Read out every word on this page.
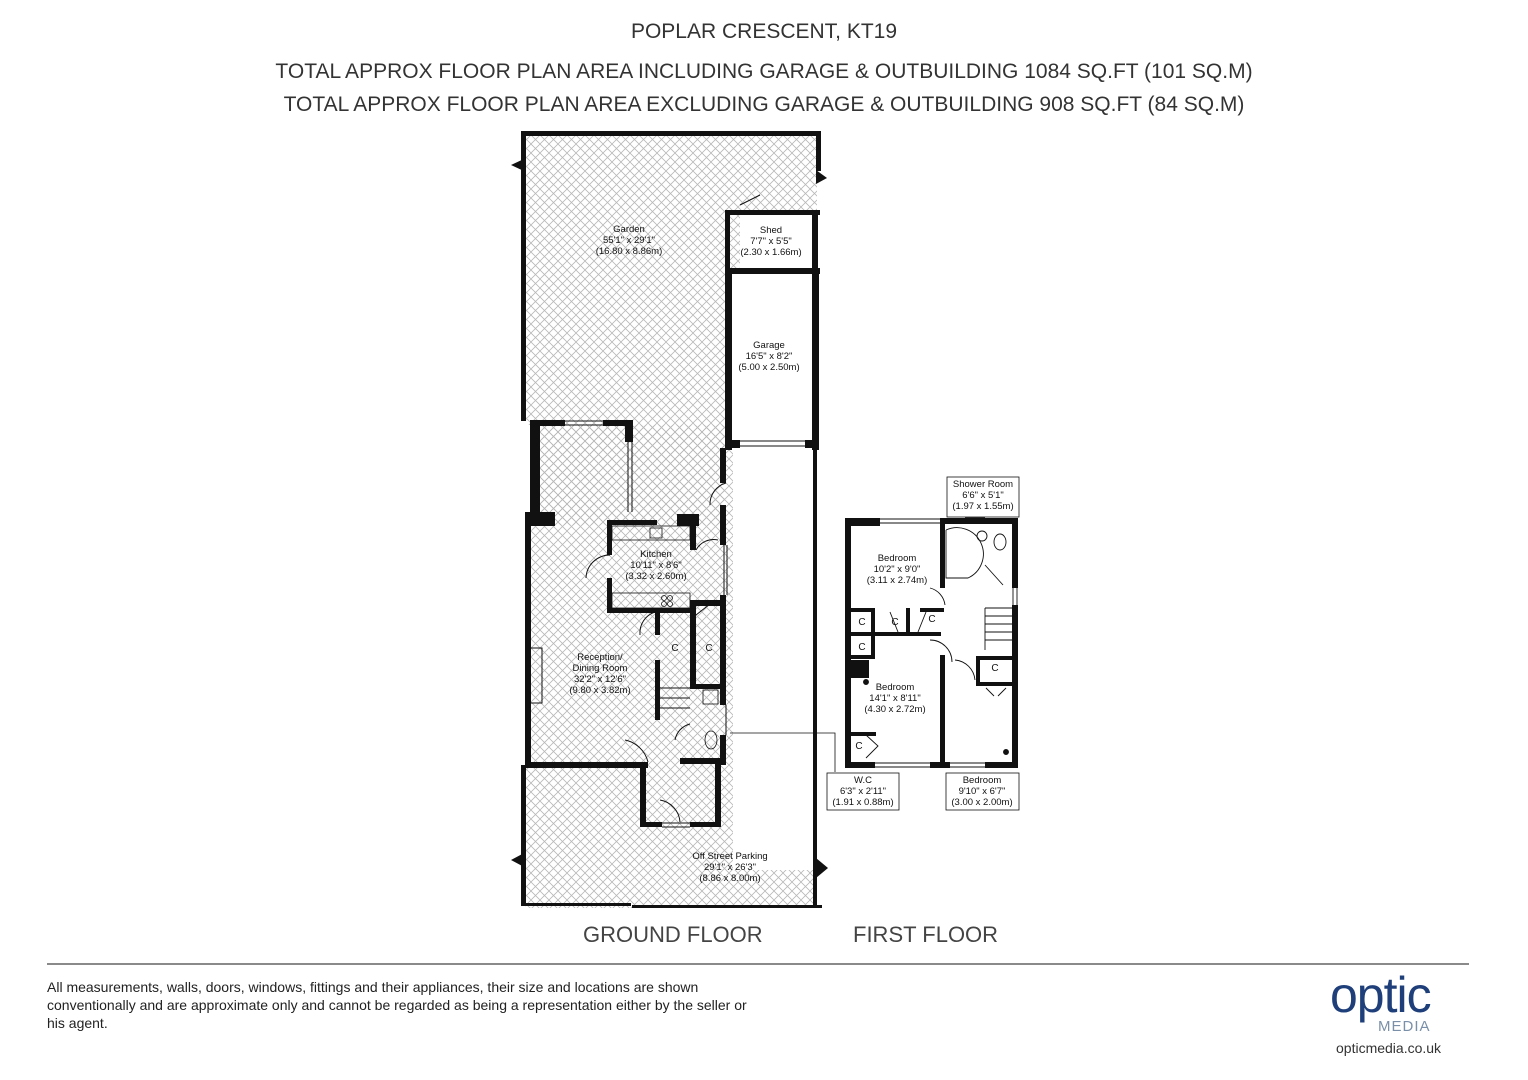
POPLAR CRESCENT, KT19
TOTAL APPROX FLOOR PLAN AREA INCLUDING GARAGE & OUTBUILDING 1084 SQ.FT (101 SQ.M)
TOTAL APPROX FLOOR PLAN AREA EXCLUDING GARAGE & OUTBUILDING 908 SQ.FT (84 SQ.M)
Garden
55'1" x 29'1"
(16.80 x 8.86m)
Shed
7'7" x 5'5"
(2.30 x 1.66m)
Garage
16'5" x 8'2"
(5.00 x 2.50m)
Kitchen
10'11" x 8'6"
(3.32 x 2.60m)
Reception/
Dining Room
32'2" x 12'6"
(9.80 x 3.82m)
Off Street Parking
29'1" x 26'3"
(8.86 x 8.00m)
Shower Room
6'6" x 5'1"
(1.97 x 1.55m)
Bedroom
10'2" x 9'0"
(3.11 x 2.74m)
Bedroom
14'1" x 8'11"
(4.30 x 2.72m)
Bedroom
9'10" x 6'7"
(3.00 x 2.00m)
W.C
6'3" x 2'11"
(1.91 x 0.88m)
C	C
C	C	C
C
C
C
GROUND FLOOR	FIRST FLOOR
All measurements, walls, doors, windows, fittings and their appliances, their size and locations are shown conventionally and are approximate only and cannot be regarded as being a representation either by the seller or his agent.	optic
MEDIA
opticmedia.co.uk
